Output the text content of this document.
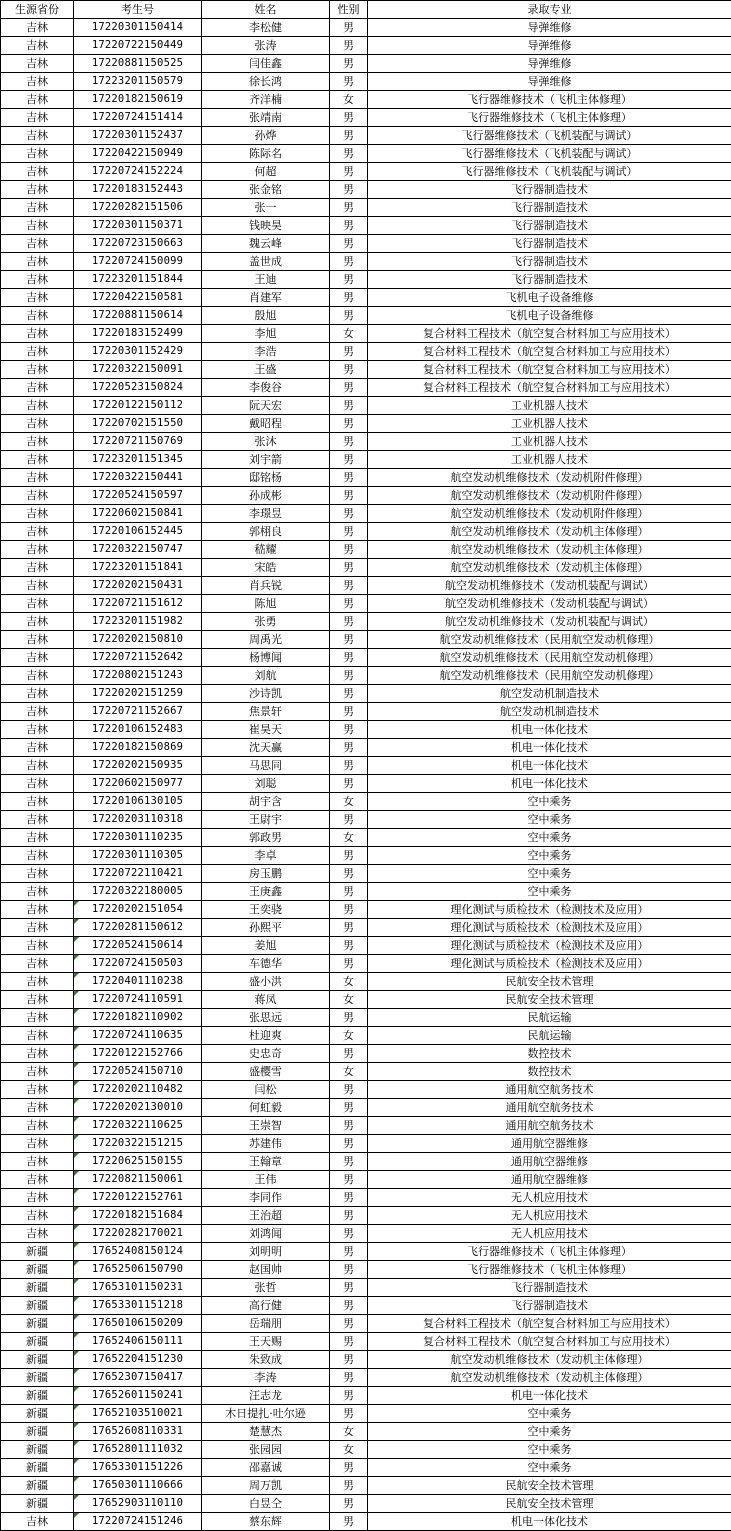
生源省份	考生号	姓名	性别	录取专业
吉林	17220301150414	李松健	男	导弹维修
吉林	17220722150449	张涛	男	导弹维修
吉林	17220881150525	闫佳鑫	男	导弹维修
吉林	17223201150579	徐长鸿	男	导弹维修
吉林	17220182150619	齐洋楠	女	飞行器维修技术（飞机主体修理）
吉林	17220724151414	张靖南	男	飞行器维修技术（飞机主体修理）
吉林	17220301152437	孙烨	男	飞行器维修技术（飞机装配与调试）
吉林	17220422150949	陈际名	男	飞行器维修技术（飞机装配与调试）
吉林	17220724152224	何超	男	飞行器维修技术（飞机装配与调试）
吉林	17220183152443	张金铭	男	飞行器制造技术
吉林	17220282151506	张一	男	飞行器制造技术
吉林	17220301150371	钱映昊	男	飞行器制造技术
吉林	17220723150663	魏云峰	男	飞行器制造技术
吉林	17220724150099	盖世成	男	飞行器制造技术
吉林	17223201151844	王迪	男	飞行器制造技术
吉林	17220422150581	肖建军	男	飞机电子设备维修
吉林	17220881150614	殷旭	男	飞机电子设备维修
吉林	17220183152499	李旭	女	复合材料工程技术（航空复合材料加工与应用技术）
吉林	17220301152429	李浩	男	复合材料工程技术（航空复合材料加工与应用技术）
吉林	17220322150091	王盛	男	复合材料工程技术（航空复合材料加工与应用技术）
吉林	17220523150824	李俊谷	男	复合材料工程技术（航空复合材料加工与应用技术）
吉林	17220122150112	阮天宏	男	工业机器人技术
吉林	17220702151550	戴昭程	男	工业机器人技术
吉林	17220721150769	张沐	男	工业机器人技术
吉林	17223201151345	刘宇箭	男	工业机器人技术
吉林	17220322150441	邸铭杨	男	航空发动机维修技术（发动机附件修理）
吉林	17220524150597	孙成彬	男	航空发动机维修技术（发动机附件修理）
吉林	17220602150841	李璟昱	男	航空发动机维修技术（发动机附件修理）
吉林	17220106152445	郭栩良	男	航空发动机维修技术（发动机主体修理）
吉林	17220322150747	嵇耀	男	航空发动机维修技术（发动机主体修理）
吉林	17223201151841	宋皓	男	航空发动机维修技术（发动机主体修理）
吉林	17220202150431	肖兵锐	男	航空发动机维修技术（发动机装配与调试）
吉林	17220721151612	陈旭	男	航空发动机维修技术（发动机装配与调试）
吉林	17223201151982	张勇	男	航空发动机维修技术（发动机装配与调试）
吉林	17220202150810	周禹光	男	航空发动机维修技术（民用航空发动机修理）
吉林	17220721152642	杨博闻	男	航空发动机维修技术（民用航空发动机修理）
吉林	17220802151243	刘航	男	航空发动机维修技术（民用航空发动机修理）
吉林	17220202151259	沙诗凯	男	航空发动机制造技术
吉林	17220721152667	焦景轩	男	航空发动机制造技术
吉林	17220106152483	崔昊天	男	机电一体化技术
吉林	17220182150869	沈天赢	男	机电一体化技术
吉林	17220202150935	马思同	男	机电一体化技术
吉林	17220602150977	刘聪	男	机电一体化技术
吉林	17220106130105	胡宇含	女	空中乘务
吉林	17220203110318	王尉宇	男	空中乘务
吉林	17220301110235	郭政男	女	空中乘务
吉林	17220301110305	李卓	男	空中乘务
吉林	17220722110421	房玉鹏	男	空中乘务
吉林	17220322180005	王庚鑫	男	空中乘务
吉林	17220202151054	王奕骁	男	理化测试与质检技术（检测技术及应用）
吉林	17220281150612	孙熙平	男	理化测试与质检技术（检测技术及应用）
吉林	17220524150614	姜旭	男	理化测试与质检技术（检测技术及应用）
吉林	17220724150503	车德华	男	理化测试与质检技术（检测技术及应用）
吉林	17220401110238	盛小洪	女	民航安全技术管理
吉林	17220724110591	蒋凤	女	民航安全技术管理
吉林	17220182110902	张思远	男	民航运输
吉林	17220724110635	杜迎爽	女	民航运输
吉林	17220122152766	史忠奇	男	数控技术
吉林	17220524150710	盛樱雪	女	数控技术
吉林	17220202110482	闫松	男	通用航空航务技术
吉林	17220202130010	何虹毅	男	通用航空航务技术
吉林	17220322110625	王崇智	男	通用航空航务技术
吉林	17220322151215	苏建伟	男	通用航空器维修
吉林	17220625150155	王翰章	男	通用航空器维修
吉林	17220821150061	王伟	男	通用航空器维修
吉林	17220122152761	李同作	男	无人机应用技术
吉林	17220182151684	王治超	男	无人机应用技术
吉林	17220282170021	刘鸿闻	男	无人机应用技术
新疆	17652408150124	刘明明	男	飞行器维修技术（飞机主体修理）
新疆	17652506150790	赵国帅	男	飞行器维修技术（飞机主体修理）
新疆	17653101150231	张哲	男	飞行器制造技术
新疆	17653301151218	高行健	男	飞行器制造技术
新疆	17650106150209	岳瑞朋	男	复合材料工程技术（航空复合材料加工与应用技术）
新疆	17652406150111	王天赐	男	复合材料工程技术（航空复合材料加工与应用技术）
新疆	17652204151230	朱致成	男	航空发动机维修技术（发动机主体修理）
新疆	17652307150417	李涛	男	航空发动机维修技术（发动机主体修理）
新疆	17652601150241	汪志龙	男	机电一体化技术
新疆	17652103510021	木日提扎·吐尔逊	男	空中乘务
新疆	17652608110331	楚慧杰	女	空中乘务
新疆	17652801111032	张园园	女	空中乘务
新疆	17653301151226	邵嘉诚	男	空中乘务
新疆	17650301110666	周万凯	男	民航安全技术管理
新疆	17652903110110	白昱仝	男	民航安全技术管理
吉林	17220724151246	蔡东辉	男	机电一体化技术
